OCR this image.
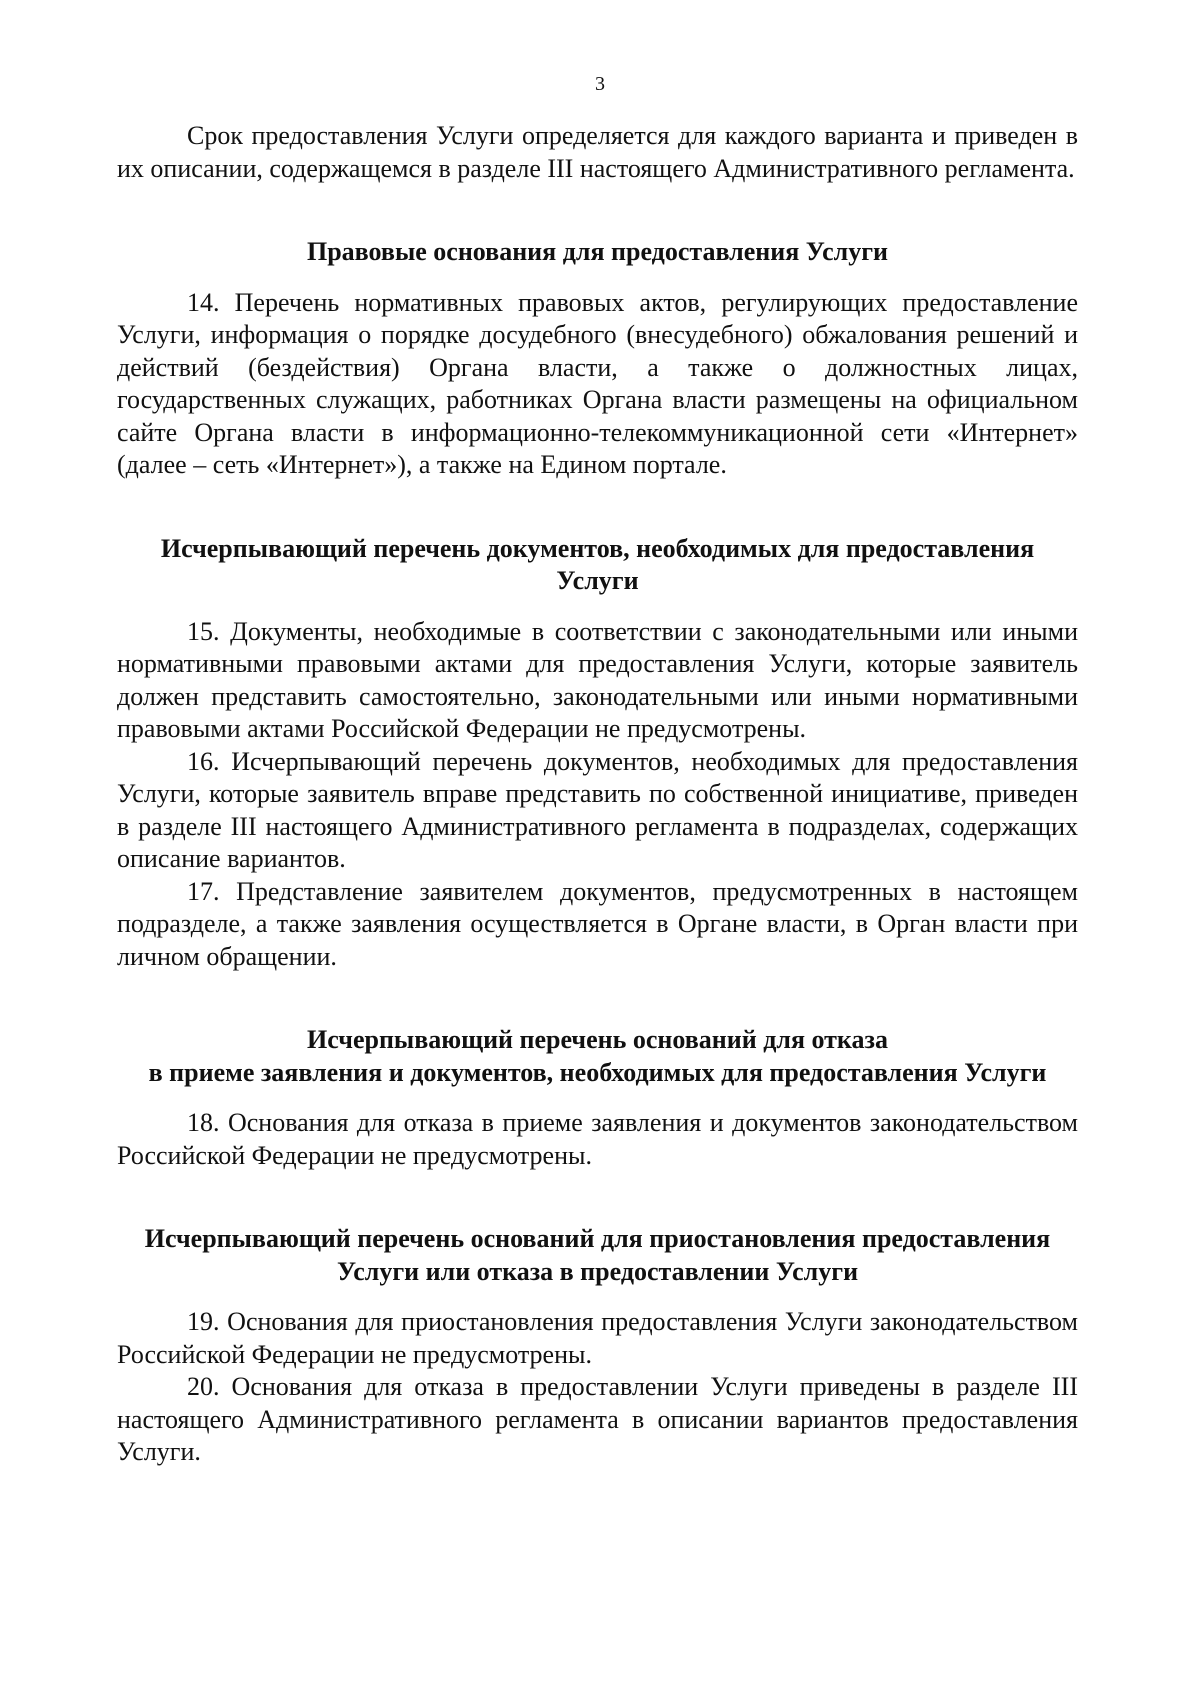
3

Срок предоставления Услуги определяется для каждого варианта и приведен в их описании, содержащемся в разделе III настоящего Административного регламента.

Правовые основания для предоставления Услуги

14. Перечень нормативных правовых актов, регулирующих предоставление Услуги, информация о порядке досудебного (внесудебного) обжалования решений и действий (бездействия) Органа власти, а также о должностных лицах, государственных служащих, работниках Органа власти размещены на официальном сайте Органа власти в информационно-телекоммуникационной сети «Интернет» (далее – сеть «Интернет»), а также на Едином портале.

Исчерпывающий перечень документов, необходимых для предоставления
Услуги

15. Документы, необходимые в соответствии с законодательными или иными нормативными правовыми актами для предоставления Услуги, которые заявитель должен представить самостоятельно, законодательными или иными нормативными правовыми актами Российской Федерации не предусмотрены.

16. Исчерпывающий перечень документов, необходимых для предоставления Услуги, которые заявитель вправе представить по собственной инициативе, приведен в разделе III настоящего Административного регламента в подразделах, содержащих описание вариантов.

17. Представление заявителем документов, предусмотренных в настоящем подразделе, а также заявления осуществляется в Органе власти, в Орган власти при личном обращении.

Исчерпывающий перечень оснований для отказа
в приеме заявления и документов, необходимых для предоставления Услуги

18. Основания для отказа в приеме заявления и документов законодательством Российской Федерации не предусмотрены.

Исчерпывающий перечень оснований для приостановления предоставления
Услуги или отказа в предоставлении Услуги

19. Основания для приостановления предоставления Услуги законодательством Российской Федерации не предусмотрены.

20. Основания для отказа в предоставлении Услуги приведены в разделе III настоящего Административного регламента в описании вариантов предоставления Услуги.
